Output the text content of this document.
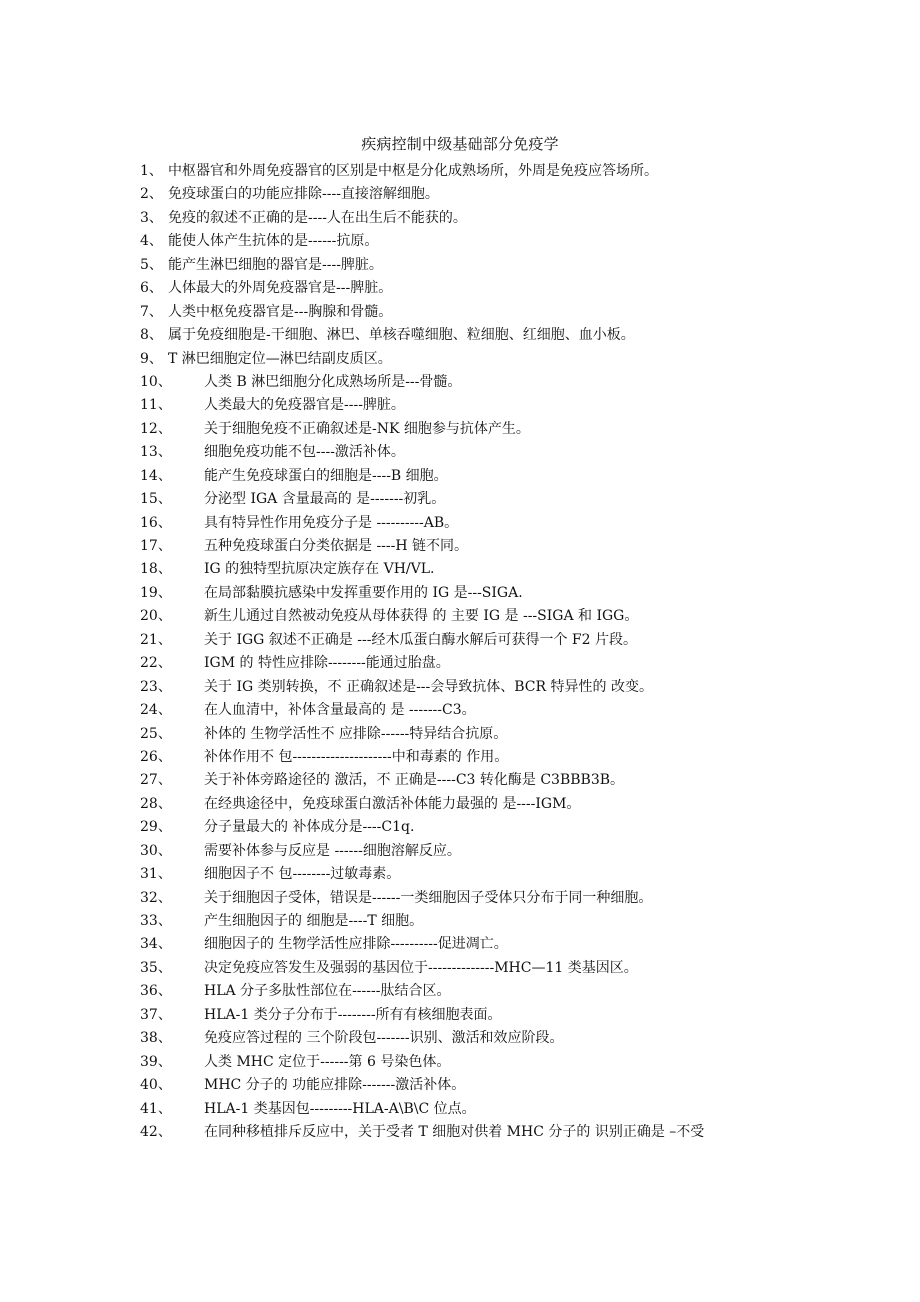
疾病控制中级基础部分免疫学
1、 中枢器官和外周免疫器官的区别是中枢是分化成熟场所，外周是免疫应答场所。
2、 免疫球蛋白的功能应排除----直接溶解细胞。
3、 免疫的叙述不正确的是----人在出生后不能获的。
4、 能使人体产生抗体的是------抗原。
5、 能产生淋巴细胞的器官是----脾脏。
6、 人体最大的外周免疫器官是---脾脏。
7、 人类中枢免疫器官是---胸腺和骨髓。
8、 属于免疫细胞是-干细胞、淋巴、单核吞噬细胞、粒细胞、红细胞、血小板。
9、 T 淋巴细胞定位—淋巴结副皮质区。
10、 人类 B 淋巴细胞分化成熟场所是---骨髓。
11、 人类最大的免疫器官是----脾脏。
12、 关于细胞免疫不正确叙述是-NK 细胞参与抗体产生。
13、 细胞免疫功能不包----激活补体。
14、 能产生免疫球蛋白的细胞是----B 细胞。
15、 分泌型 IGA 含量最高的 是-------初乳。
16、 具有特异性作用免疫分子是 ----------AB。
17、 五种免疫球蛋白分类依据是 ----H 链不同。
18、 IG 的独特型抗原决定族存在 VH/VL.
19、 在局部黏膜抗感染中发挥重要作用的 IG 是---SIGA.
20、 新生儿通过自然被动免疫从母体获得 的 主要 IG 是 ---SIGA 和 IGG。
21、 关于 IGG 叙述不正确是 ---经木瓜蛋白酶水解后可获得一个 F2 片段。
22、 IGM 的 特性应排除--------能通过胎盘。
23、 关于 IG 类别转换，不 正确叙述是---会导致抗体、BCR 特异性的 改变。
24、 在人血清中，补体含量最高的 是 -------C3。
25、 补体的 生物学活性不 应排除------特异结合抗原。
26、 补体作用不 包---------------------中和毒素的 作用。
27、 关于补体旁路途径的 激活，不 正确是----C3 转化酶是 C3BBB3B。
28、 在经典途径中，免疫球蛋白激活补体能力最强的 是----IGM。
29、 分子量最大的 补体成分是----C1q.
30、 需要补体参与反应是 ------细胞溶解反应。
31、 细胞因子不 包--------过敏毒素。
32、 关于细胞因子受体，错误是------一类细胞因子受体只分布于同一种细胞。
33、 产生细胞因子的 细胞是----T 细胞。
34、 细胞因子的 生物学活性应排除----------促进凋亡。
35、 决定免疫应答发生及强弱的基因位于--------------MHC—11 类基因区。
36、 HLA 分子多肽性部位在------肽结合区。
37、 HLA-1 类分子分布于--------所有有核细胞表面。
38、 免疫应答过程的 三个阶段包-------识别、激活和效应阶段。
39、 人类 MHC 定位于------第 6 号染色体。
40、 MHC 分子的 功能应排除-------激活补体。
41、 HLA-1 类基因包---------HLA-A\B\C 位点。
42、 在同种移植排斥反应中，关于受者 T 细胞对供着 MHC 分子的 识别正确是 –不受
